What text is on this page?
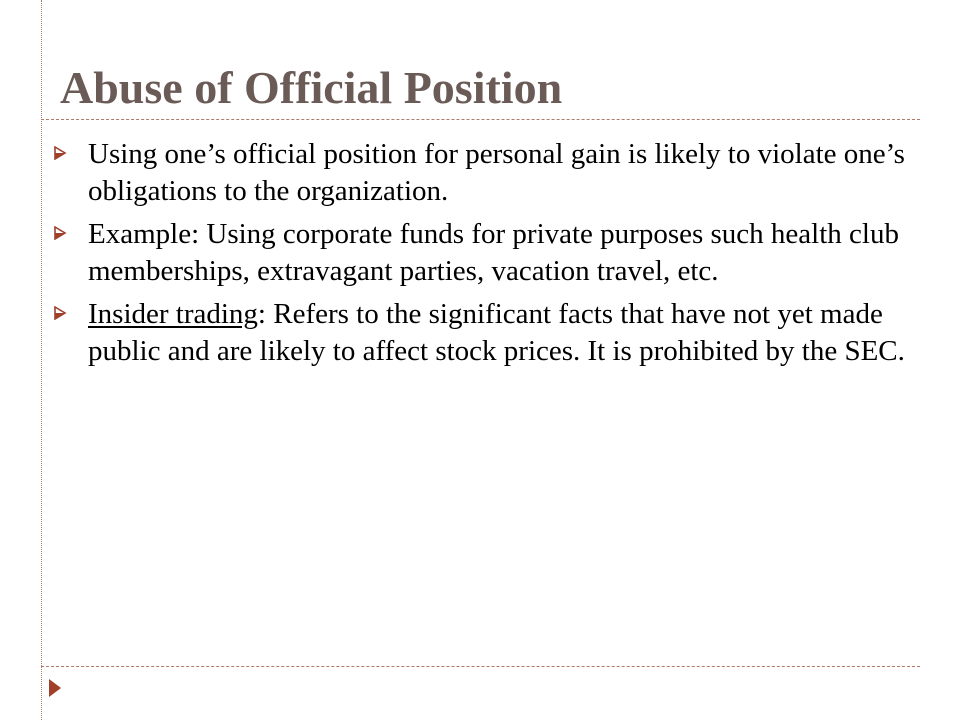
Abuse of Official Position
Using one’s official position for personal gain is likely to violate one’s obligations to the organization.
Example: Using corporate funds for private purposes such health club memberships, extravagant parties, vacation travel, etc.
Insider trading: Refers to the significant facts that have not yet made public and are likely to affect stock prices. It is prohibited by the SEC.
